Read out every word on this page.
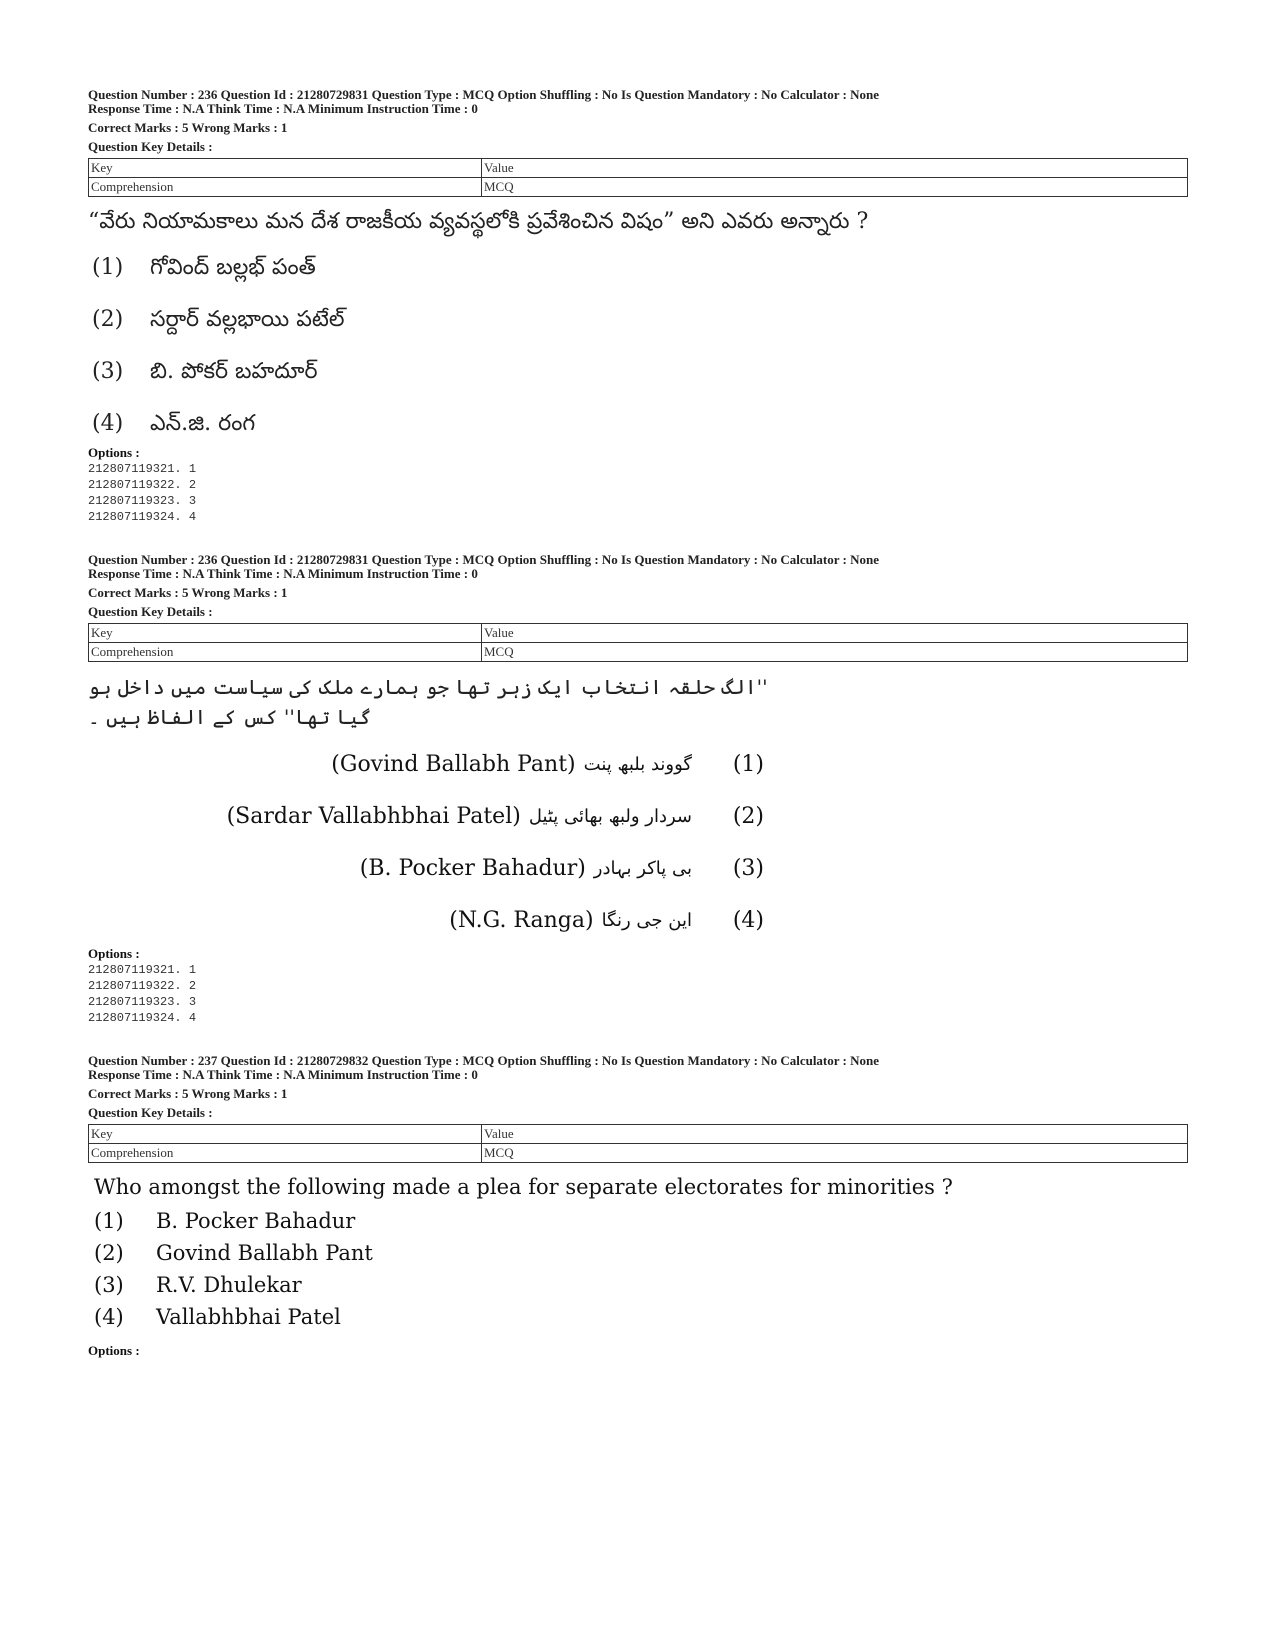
Question Number : 236 Question Id : 21280729831 Question Type : MCQ Option Shuffling : No Is Question Mandatory : No Calculator : None
Response Time : N.A Think Time : N.A Minimum Instruction Time : 0
Correct Marks : 5 Wrong Marks : 1
Question Key Details :
Key	Value
Comprehension	MCQ
“వేరు నియామకాలు మన దేశ రాజకీయ వ్యవస్థలోకి ప్రవేశించిన విషం” అని ఎవరు అన్నారు ?
(1)	గోవింద్ బల్లభ్ పంత్
(2)	సర్దార్ వల్లభాయి పటేల్
(3)	బి. పోకర్ బహదూర్
(4)	ఎన్.జి. రంగ
Options :
212807119321. 1
212807119322. 2
212807119323. 3
212807119324. 4
Question Number : 236 Question Id : 21280729831 Question Type : MCQ Option Shuffling : No Is Question Mandatory : No Calculator : None
Response Time : N.A Think Time : N.A Minimum Instruction Time : 0
Correct Marks : 5 Wrong Marks : 1
Question Key Details :
Key	Value
Comprehension	MCQ
''الگ حلقہ انتخاب ایک زہر تھا جو ہمارے ملک کی سیاست میں داخل ہو گیا تھا'' کس کے الفاظ ہیں ۔
(Govind Ballabh Pant) گووند بلبھ پنت (1)
(Sardar Vallabhbhai Patel) سردار ولبھ بھائی پٹیل (2)
(B. Pocker Bahadur) بی پاکر بہادر (3)
(N.G. Ranga) این جی رنگا (4)
Options :
212807119321. 1
212807119322. 2
212807119323. 3
212807119324. 4
Question Number : 237 Question Id : 21280729832 Question Type : MCQ Option Shuffling : No Is Question Mandatory : No Calculator : None
Response Time : N.A Think Time : N.A Minimum Instruction Time : 0
Correct Marks : 5 Wrong Marks : 1
Question Key Details :
Key	Value
Comprehension	MCQ
Who amongst the following made a plea for separate electorates for minorities ?
(1)	B. Pocker Bahadur
(2)	Govind Ballabh Pant
(3)	R.V. Dhulekar
(4)	Vallabhbhai Patel
Options :
